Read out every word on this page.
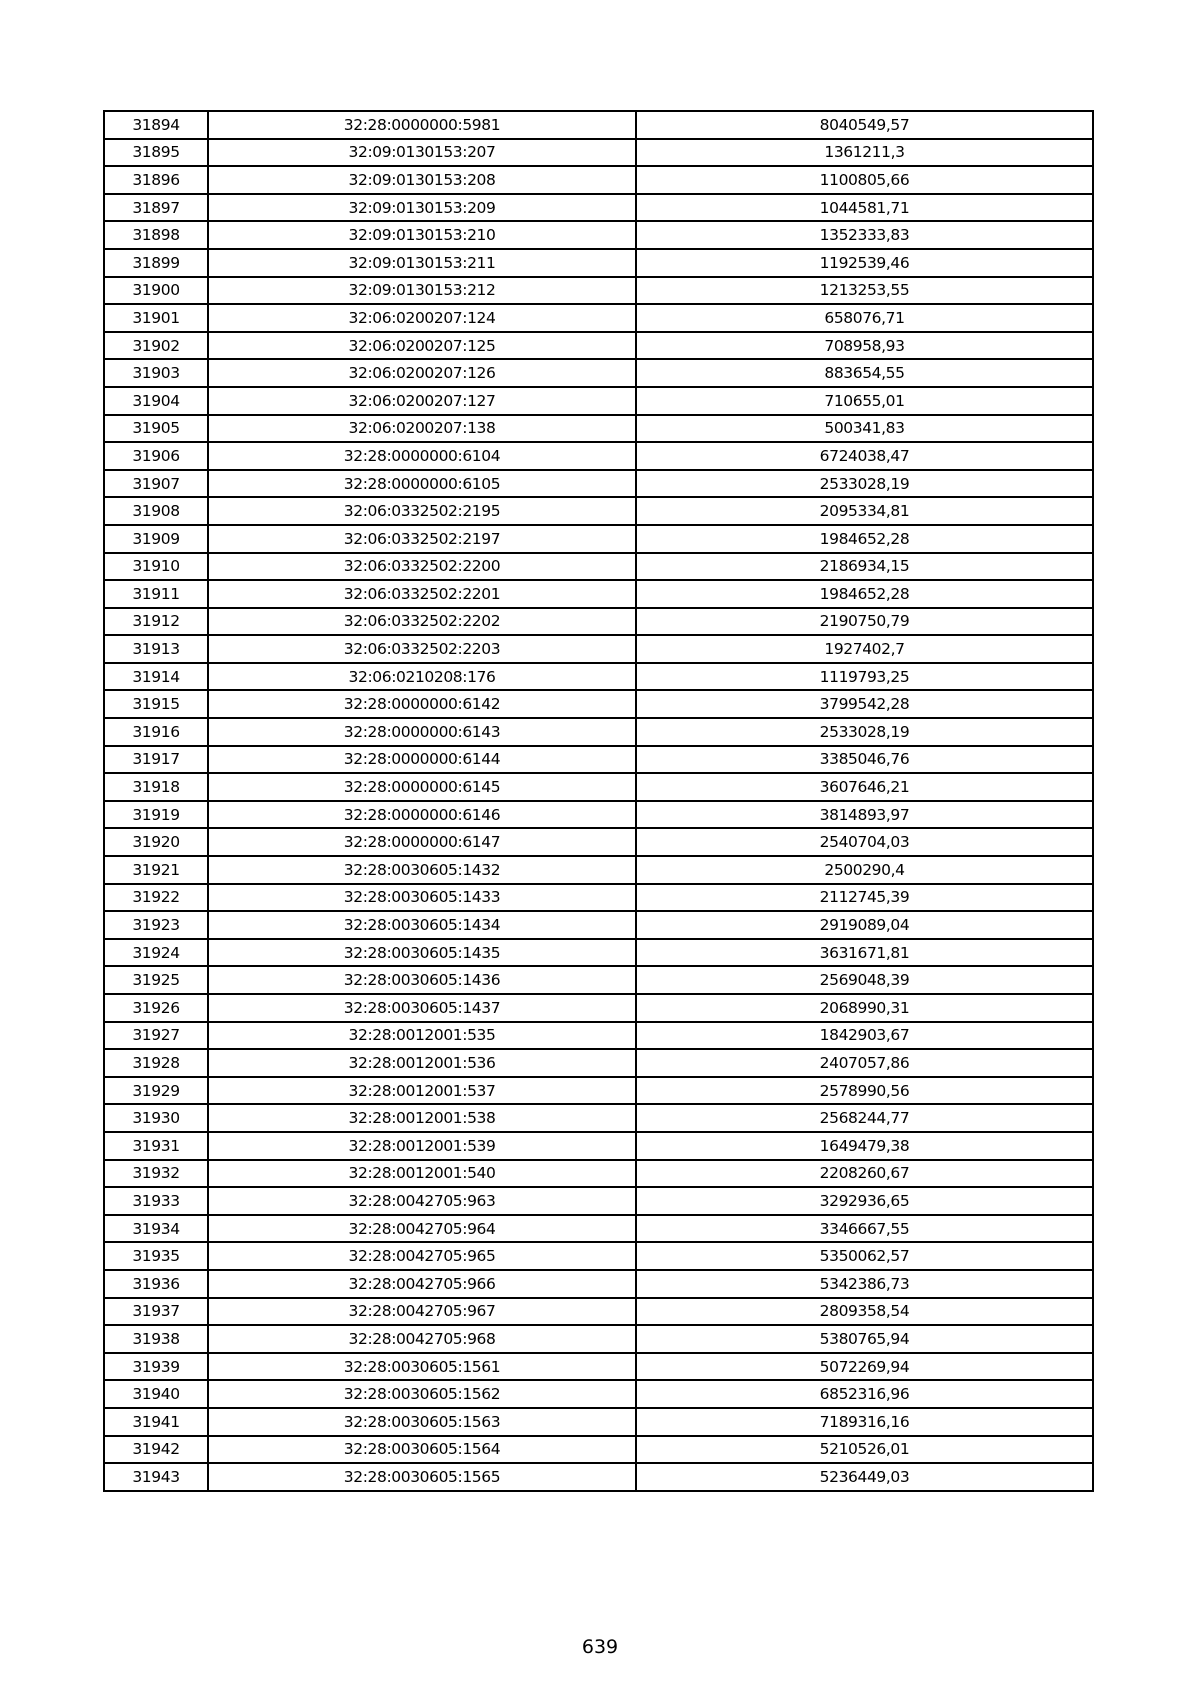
31894	32:28:0000000:5981	8040549,57
31895	32:09:0130153:207	1361211,3
31896	32:09:0130153:208	1100805,66
31897	32:09:0130153:209	1044581,71
31898	32:09:0130153:210	1352333,83
31899	32:09:0130153:211	1192539,46
31900	32:09:0130153:212	1213253,55
31901	32:06:0200207:124	658076,71
31902	32:06:0200207:125	708958,93
31903	32:06:0200207:126	883654,55
31904	32:06:0200207:127	710655,01
31905	32:06:0200207:138	500341,83
31906	32:28:0000000:6104	6724038,47
31907	32:28:0000000:6105	2533028,19
31908	32:06:0332502:2195	2095334,81
31909	32:06:0332502:2197	1984652,28
31910	32:06:0332502:2200	2186934,15
31911	32:06:0332502:2201	1984652,28
31912	32:06:0332502:2202	2190750,79
31913	32:06:0332502:2203	1927402,7
31914	32:06:0210208:176	1119793,25
31915	32:28:0000000:6142	3799542,28
31916	32:28:0000000:6143	2533028,19
31917	32:28:0000000:6144	3385046,76
31918	32:28:0000000:6145	3607646,21
31919	32:28:0000000:6146	3814893,97
31920	32:28:0000000:6147	2540704,03
31921	32:28:0030605:1432	2500290,4
31922	32:28:0030605:1433	2112745,39
31923	32:28:0030605:1434	2919089,04
31924	32:28:0030605:1435	3631671,81
31925	32:28:0030605:1436	2569048,39
31926	32:28:0030605:1437	2068990,31
31927	32:28:0012001:535	1842903,67
31928	32:28:0012001:536	2407057,86
31929	32:28:0012001:537	2578990,56
31930	32:28:0012001:538	2568244,77
31931	32:28:0012001:539	1649479,38
31932	32:28:0012001:540	2208260,67
31933	32:28:0042705:963	3292936,65
31934	32:28:0042705:964	3346667,55
31935	32:28:0042705:965	5350062,57
31936	32:28:0042705:966	5342386,73
31937	32:28:0042705:967	2809358,54
31938	32:28:0042705:968	5380765,94
31939	32:28:0030605:1561	5072269,94
31940	32:28:0030605:1562	6852316,96
31941	32:28:0030605:1563	7189316,16
31942	32:28:0030605:1564	5210526,01
31943	32:28:0030605:1565	5236449,03
639
